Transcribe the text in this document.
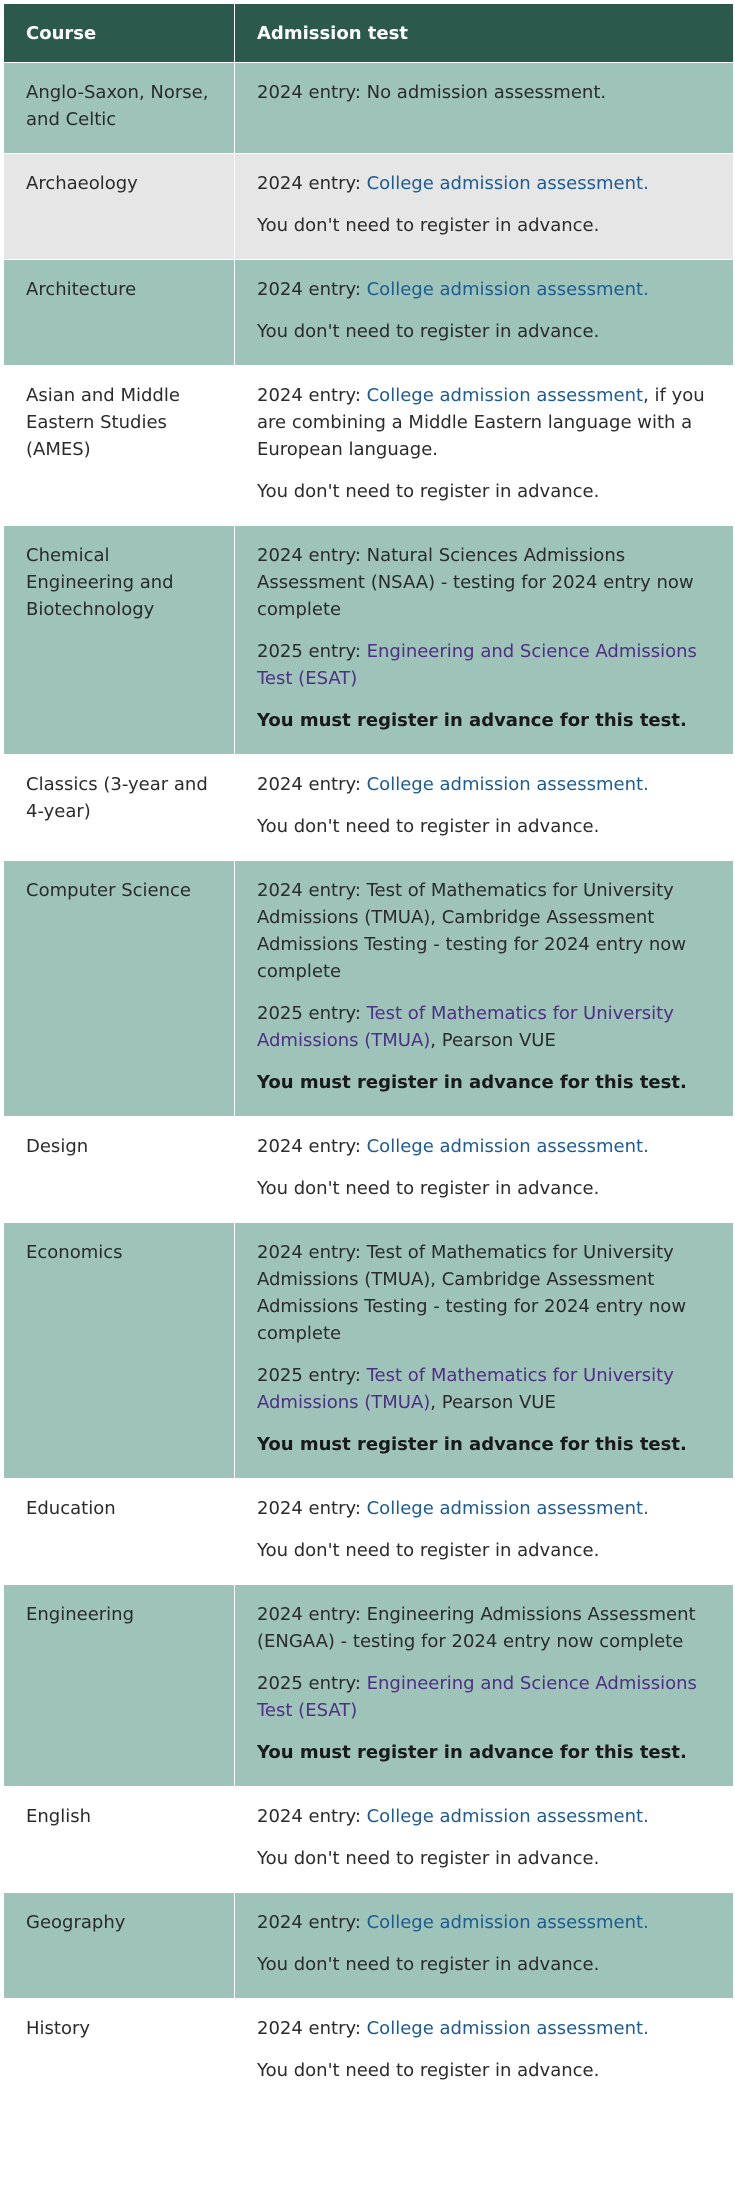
Course	Admission test
Anglo-Saxon, Norse, and Celtic	2024 entry: No admission assessment.

Archaeology	2024 entry: College admission assessment.

You don't need to register in advance.

Architecture	2024 entry: College admission assessment.

You don't need to register in advance.

Asian and Middle Eastern Studies (AMES)	2024 entry: College admission assessment, if you are combining a Middle Eastern language with a European language.

You don't need to register in advance.

Chemical Engineering and Biotechnology	2024 entry: Natural Sciences Admissions Assessment (NSAA) - testing for 2024 entry now complete

2025 entry: Engineering and Science Admissions Test (ESAT)

You must register in advance for this test.

Classics (3-year and 4-year)	2024 entry: College admission assessment.

You don't need to register in advance.

Computer Science	2024 entry: Test of Mathematics for University Admissions (TMUA), Cambridge Assessment Admissions Testing - testing for 2024 entry now complete

2025 entry: Test of Mathematics for University Admissions (TMUA), Pearson VUE

You must register in advance for this test.

Design	2024 entry: College admission assessment.

You don't need to register in advance.

Economics	2024 entry: Test of Mathematics for University Admissions (TMUA), Cambridge Assessment Admissions Testing - testing for 2024 entry now complete

2025 entry: Test of Mathematics for University Admissions (TMUA), Pearson VUE

You must register in advance for this test.

Education	2024 entry: College admission assessment.

You don't need to register in advance.

Engineering	2024 entry: Engineering Admissions Assessment (ENGAA) - testing for 2024 entry now complete

2025 entry: Engineering and Science Admissions Test (ESAT)

You must register in advance for this test.

English	2024 entry: College admission assessment.

You don't need to register in advance.

Geography	2024 entry: College admission assessment.

You don't need to register in advance.

History	2024 entry: College admission assessment.

You don't need to register in advance.
